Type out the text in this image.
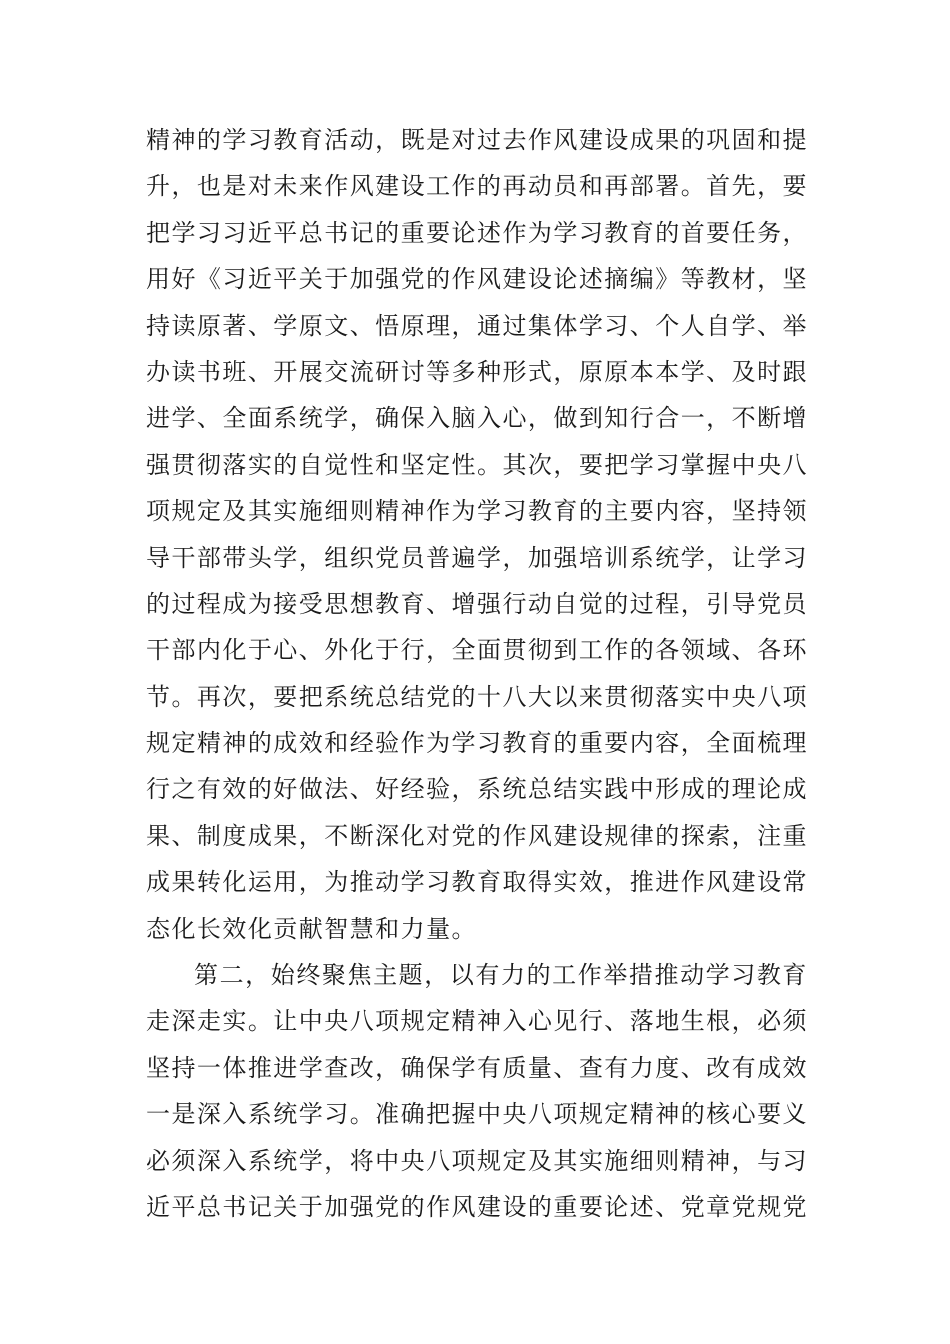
精神的学习教育活动，既是对过去作风建设成果的巩固和提
升，也是对未来作风建设工作的再动员和再部署。首先，要
把学习习近平总书记的重要论述作为学习教育的首要任务，
用好《习近平关于加强党的作风建设论述摘编》等教材，坚
持读原著、学原文、悟原理，通过集体学习、个人自学、举
办读书班、开展交流研讨等多种形式，原原本本学、及时跟
进学、全面系统学，确保入脑入心，做到知行合一，不断增
强贯彻落实的自觉性和坚定性。其次，要把学习掌握中央八
项规定及其实施细则精神作为学习教育的主要内容，坚持领
导干部带头学，组织党员普遍学，加强培训系统学，让学习
的过程成为接受思想教育、增强行动自觉的过程，引导党员
干部内化于心、外化于行，全面贯彻到工作的各领域、各环
节。再次，要把系统总结党的十八大以来贯彻落实中央八项
规定精神的成效和经验作为学习教育的重要内容，全面梳理
行之有效的好做法、好经验，系统总结实践中形成的理论成
果、制度成果，不断深化对党的作风建设规律的探索，注重
成果转化运用，为推动学习教育取得实效，推进作风建设常
态化长效化贡献智慧和力量。
第二，始终聚焦主题，以有力的工作举措推动学习教育
走深走实。让中央八项规定精神入心见行、落地生根，必须
坚持一体推进学查改，确保学有质量、查有力度、改有成效
一是深入系统学习。准确把握中央八项规定精神的核心要义
必须深入系统学，将中央八项规定及其实施细则精神，与习
近平总书记关于加强党的作风建设的重要论述、党章党规党
